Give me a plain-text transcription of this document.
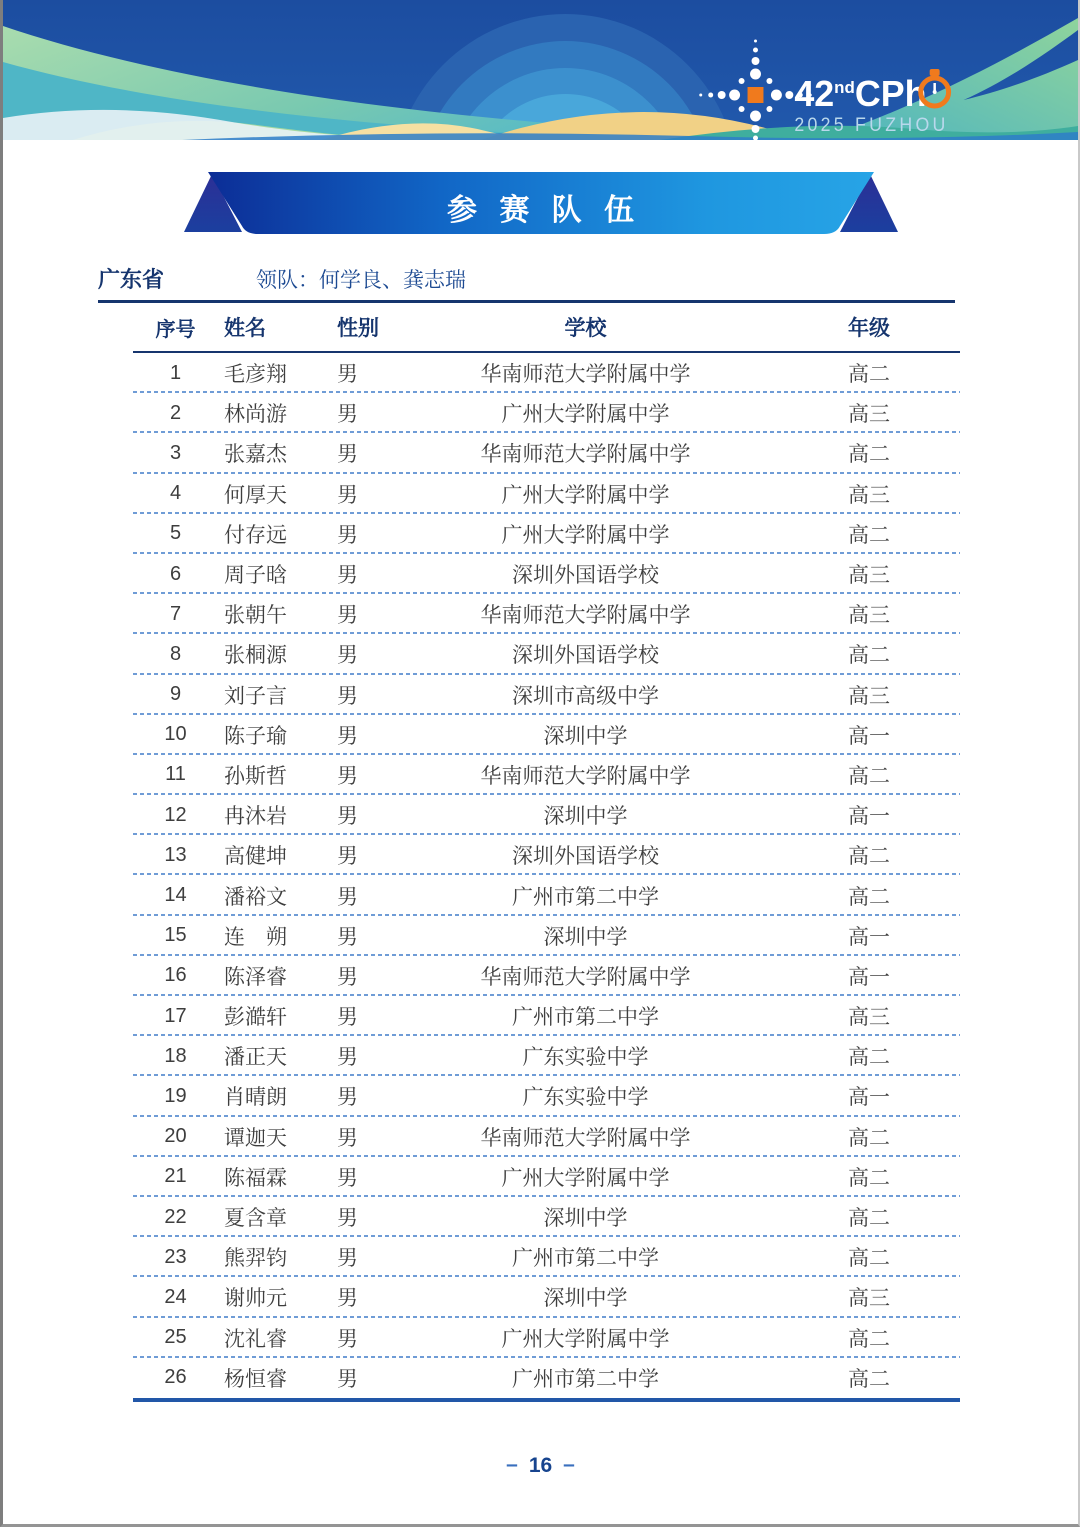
42ndCPh
2025 FUZHOU
参 赛 队 伍
广东省	领队：何学良、龚志瑞
序号	姓名	性别	学校	年级
1	毛彦翔	男	华南师范大学附属中学	高二
2	林尚游	男	广州大学附属中学	高三
3	张嘉杰	男	华南师范大学附属中学	高二
4	何厚天	男	广州大学附属中学	高三
5	付存远	男	广州大学附属中学	高二
6	周子晗	男	深圳外国语学校	高三
7	张朝午	男	华南师范大学附属中学	高三
8	张桐源	男	深圳外国语学校	高二
9	刘子言	男	深圳市高级中学	高三
10	陈子瑜	男	深圳中学	高一
11	孙斯哲	男	华南师范大学附属中学	高二
12	冉沐岩	男	深圳中学	高一
13	高健坤	男	深圳外国语学校	高二
14	潘裕文	男	广州市第二中学	高二
15	连　朔	男	深圳中学	高一
16	陈泽睿	男	华南师范大学附属中学	高一
17	彭澔轩	男	广州市第二中学	高三
18	潘正天	男	广东实验中学	高二
19	肖晴朗	男	广东实验中学	高一
20	谭迦天	男	华南师范大学附属中学	高二
21	陈福霖	男	广州大学附属中学	高二
22	夏含章	男	深圳中学	高二
23	熊羿钧	男	广州市第二中学	高二
24	谢帅元	男	深圳中学	高三
25	沈礼睿	男	广州大学附属中学	高二
26	杨恒睿	男	广州市第二中学	高二
– 16 –
